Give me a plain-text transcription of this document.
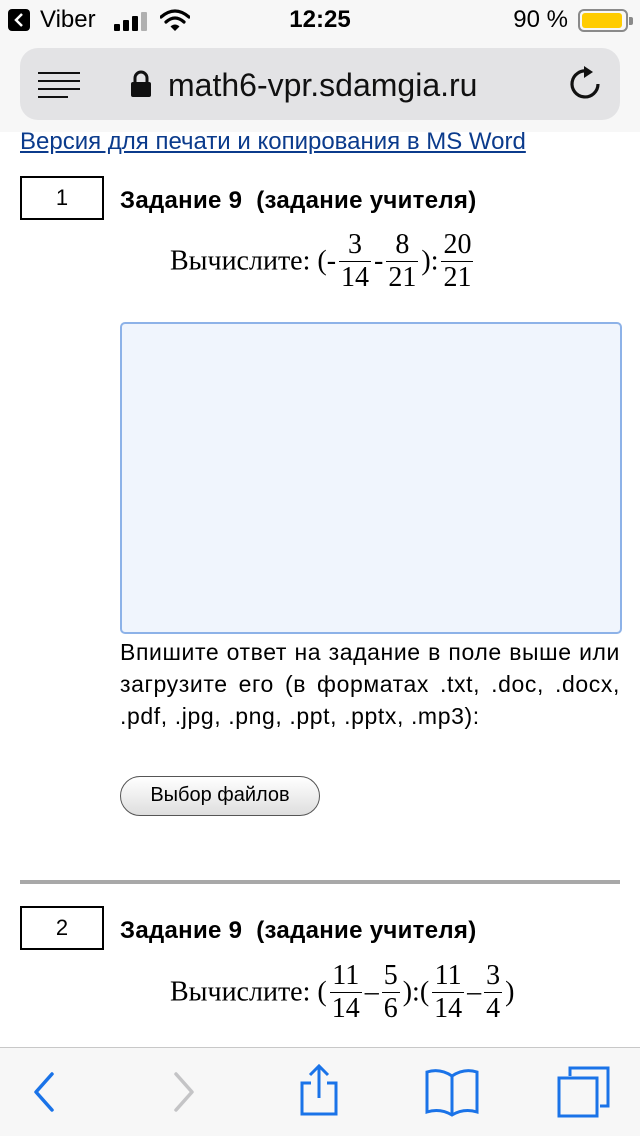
Viber	12:25	90 %
math6-vpr.sdamgia.ru
Версия для печати и копирования в MS Word
1	Задание 9  (задание учителя)
Вычислите: (- $\frac{3}{14} - \frac{8}{21}$ ): $\frac{20}{21}$
Впишите ответ на задание в поле выше или загрузите его (в форматах .txt, .doc, .docx, .pdf, .jpg, .png, .ppt, .pptx, .mp3):
Выбор файлов
2	Задание 9  (задание учителя)
Вычислите: ( $\frac{11}{14} - \frac{5}{6}$ ):( $\frac{11}{14} - \frac{3}{4}$ )
